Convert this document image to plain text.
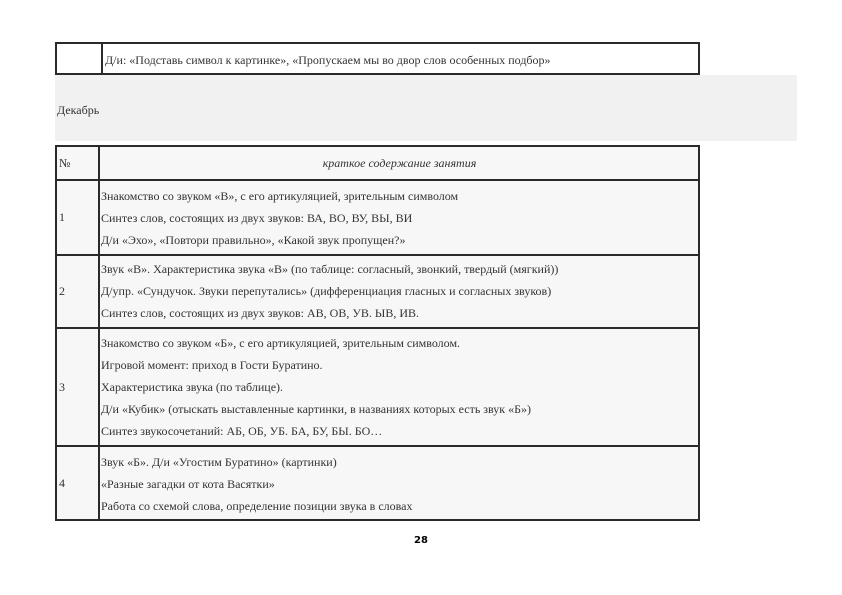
Д/и: «Подставь символ к картинке», «Пропускаем мы во двор слов особенных подбор»
Декабрь
№	краткое содержание занятия
1
Знакомство со звуком «В», с его артикуляцией, зрительным символом
Синтез слов, состоящих из двух звуков: ВА, ВО, ВУ, ВЫ, ВИ
Д/и «Эхо», «Повтори правильно», «Какой звук пропущен?»
2
Звук «В». Характеристика звука «В» (по таблице: согласный, звонкий, твердый (мягкий))
Д/упр. «Сундучок. Звуки перепутались» (дифференциация гласных и согласных звуков)
Синтез слов, состоящих из двух звуков: АВ, ОВ, УВ. ЫВ, ИВ.
3
Знакомство со звуком «Б», с его артикуляцией, зрительным символом.
Игровой момент: приход в Гости Буратино.
Характеристика звука (по таблице).
Д/и «Кубик» (отыскать выставленные картинки, в названиях которых есть звук «Б»)
Синтез звукосочетаний: АБ, ОБ, УБ. БА, БУ, БЫ. БО…
4
Звук «Б». Д/и «Угостим Буратино» (картинки)
«Разные загадки от кота Васятки»
Работа со схемой слова, определение позиции звука в словах
28
